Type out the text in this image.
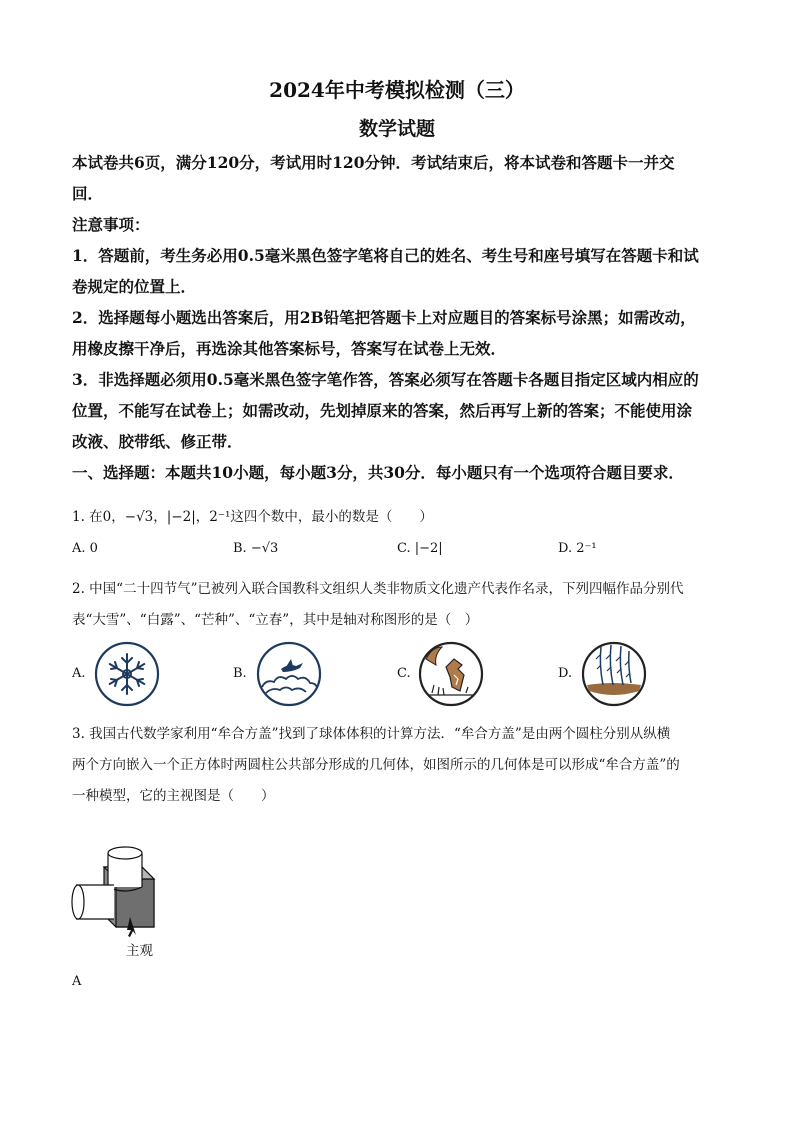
2024年中考模拟检测（三）
数学试题
本试卷共6页，满分120分，考试用时120分钟．考试结束后，将本试卷和答题卡一并交
回．
注意事项：
1．答题前，考生务必用0.5毫米黑色签字笔将自己的姓名、考生号和座号填写在答题卡和试
卷规定的位置上．
2．选择题每小题选出答案后，用2B铅笔把答题卡上对应题目的答案标号涂黑；如需改动，
用橡皮擦干净后，再选涂其他答案标号，答案写在试卷上无效．
3．非选择题必须用0.5毫米黑色签字笔作答，答案必须写在答题卡各题目指定区域内相应的
位置，不能写在试卷上；如需改动，先划掉原来的答案，然后再写上新的答案；不能使用涂
改液、胶带纸、修正带．
一、选择题：本题共10小题，每小题3分，共30分．每小题只有一个选项符合题目要求．
1. 在0，−√3，|−2|，2⁻¹这四个数中，最小的数是（　　）
A. 0	B. −√3	C. |−2|	D. 2⁻¹
2. 中国“二十四节气”已被列入联合国教科文组织人类非物质文化遗产代表作名录，下列四幅作品分别代
表“大雪”、“白露”、“芒种”、“立春”，其中是轴对称图形的是（　）
A.	B.	C.	D.
3. 我国古代数学家利用“牟合方盖”找到了球体体积的计算方法．“牟合方盖”是由两个圆柱分别从纵横
两个方向嵌入一个正方体时两圆柱公共部分形成的几何体，如图所示的几何体是可以形成“牟合方盖”的
一种模型，它的主视图是（　　）
主观
A
